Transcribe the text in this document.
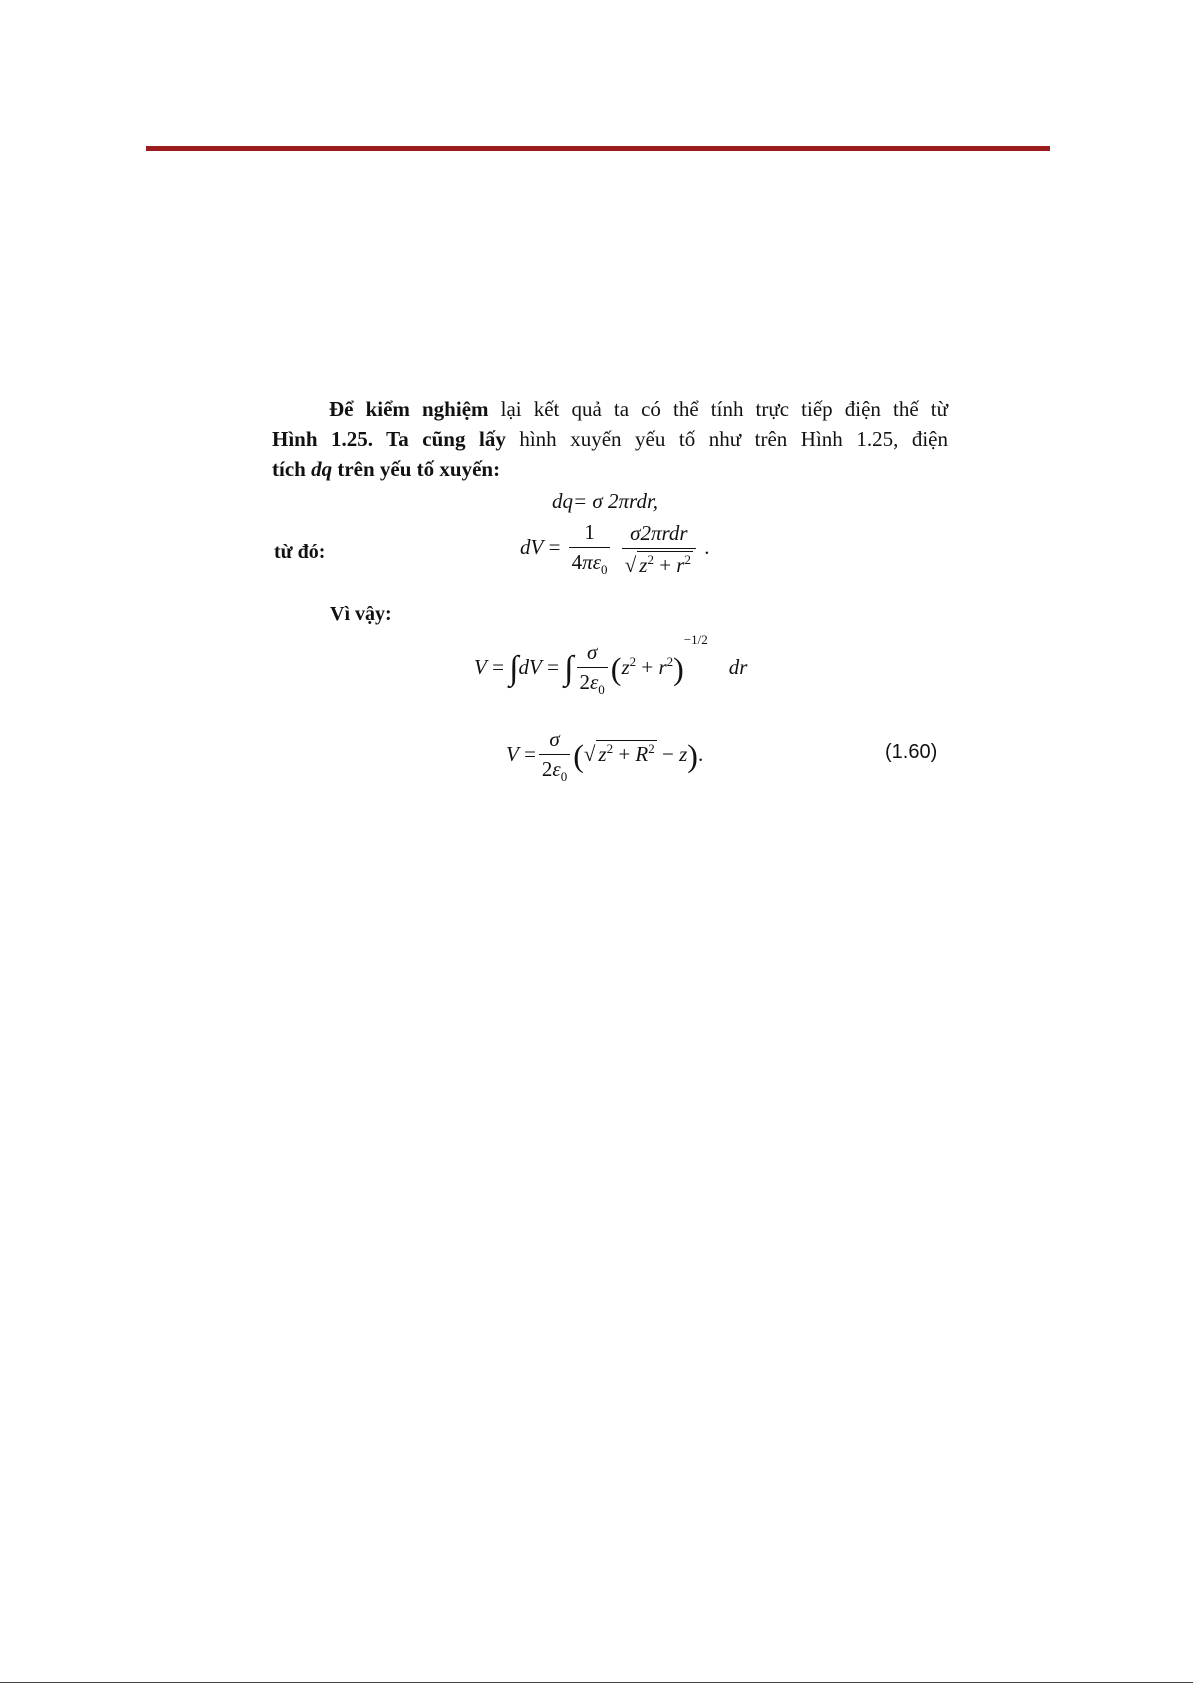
Để kiểm nghiệm lại kết quả ta có thể tính trực tiếp điện thế từ
Hình 1.25. Ta cũng lấy hình xuyến yếu tố như trên Hình 1.25, điện
tích dq trên yếu tố xuyến:
dq= σ 2πrdr,
từ đó:	dV = $\frac{1}{4\pi\varepsilon_0}$
$\frac{\text{σ2πrdr}}{√ z^2 + r^2}$ .
Vì vậy:
V = ∫dV = ∫ $\frac{\sigma}{2\varepsilon_0} (z^2 + r^2)^{-1/2}$    dr
$V = \frac{\sigma}{2\varepsilon_0}$ (√ $z^2 + R^2 - z$).	(1.60)
